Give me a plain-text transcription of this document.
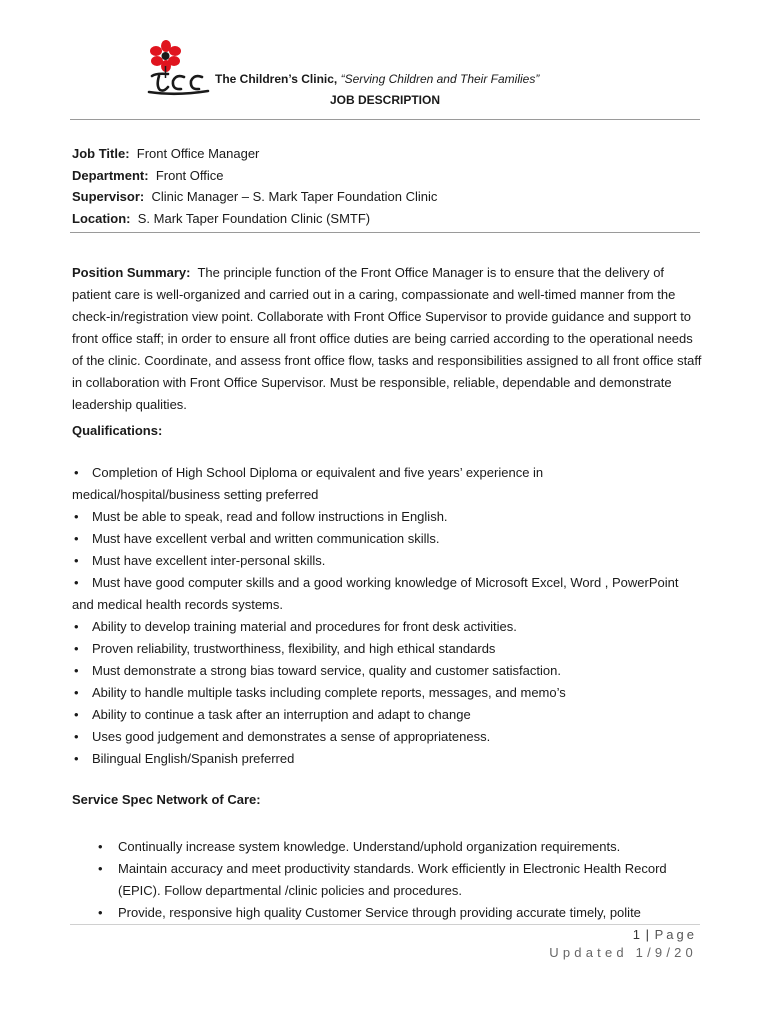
The Children’s Clinic, “Serving Children and Their Families”
JOB DESCRIPTION
Job Title: Front Office Manager
Department: Front Office
Supervisor: Clinic Manager – S. Mark Taper Foundation Clinic
Location: S. Mark Taper Foundation Clinic (SMTF)
Position Summary: The principle function of the Front Office Manager is to ensure that the delivery of patient care is well-organized and carried out in a caring, compassionate and well-timed manner from the check-in/registration view point. Collaborate with Front Office Supervisor to provide guidance and support to front office staff; in order to ensure all front office duties are being carried according to the operational needs of the clinic. Coordinate, and assess front office flow, tasks and responsibilities assigned to all front office staff in collaboration with Front Office Supervisor. Must be responsible, reliable, dependable and demonstrate leadership qualities.
Qualifications:
• Completion of High School Diploma or equivalent and five years’ experience in medical/hospital/business setting preferred
• Must be able to speak, read and follow instructions in English.
• Must have excellent verbal and written communication skills.
• Must have excellent inter-personal skills.
• Must have good computer skills and a good working knowledge of Microsoft Excel, Word , PowerPoint and medical health records systems.
• Ability to develop training material and procedures for front desk activities.
• Proven reliability, trustworthiness, flexibility, and high ethical standards
• Must demonstrate a strong bias toward service, quality and customer satisfaction.
• Ability to handle multiple tasks including complete reports, messages, and memo’s
• Ability to continue a task after an interruption and adapt to change
• Uses good judgement and demonstrates a sense of appropriateness.
• Bilingual English/Spanish preferred
Service Spec Network of Care:
• Continually increase system knowledge. Understand/uphold organization requirements.
• Maintain accuracy and meet productivity standards. Work efficiently in Electronic Health Record (EPIC). Follow departmental /clinic policies and procedures.
• Provide, responsive high quality Customer Service through providing accurate timely, polite
1 | Page
Updated 1/9/20
